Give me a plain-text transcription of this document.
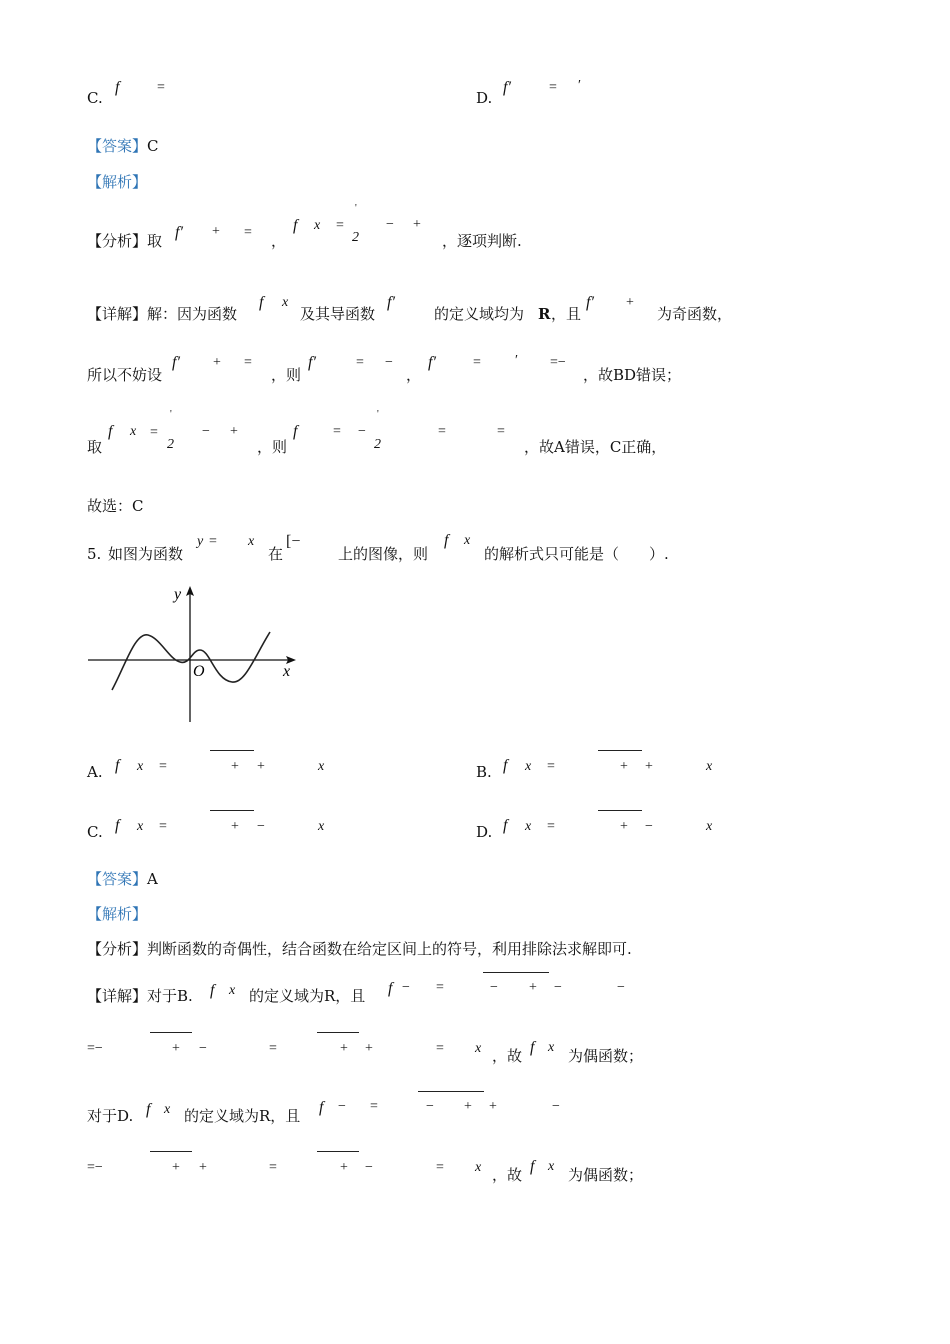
C.
f	=
D.
f′	= ′
【答案】C
【解析】
【分析】取 f′ + = ，
f x =
'
2
− +
，逐项判断.
【详解】解：因为函数
f x
及其导函数
f′
的定义域均为 R ，且
f′ +
为奇函数，
所以不妨设
f′ + =
，则
f′	= −
，
f′	= ′ =−
，故BD错误；
取
f x =
'
2
− +
，则
f	= −
'
2
=	=
，故A错误，C正确，
故选：C
5. 如图为函数
y = x
在
[−
上的图像，则
f x
的解析式只可能是（　　）.
y
x
O
A. f x =	+ +	x	B. f x =	+ +	x
C. f x =	+ −	x	D. f x =	+ −	x
【答案】A
【解析】
【分析】判断函数的奇偶性，结合函数在给定区间上的符号，利用排除法求解即可.
【详解】对于B. f x 的定义域为R，且 f − =	− + −	−
=−	+ −	=	+ +	= x ，故 f x 为偶函数；
对于D. f x 的定义域为R，且 f − =	− + +	−
=−	+ +	=	+ −	= x ，故 f x 为偶函数；
